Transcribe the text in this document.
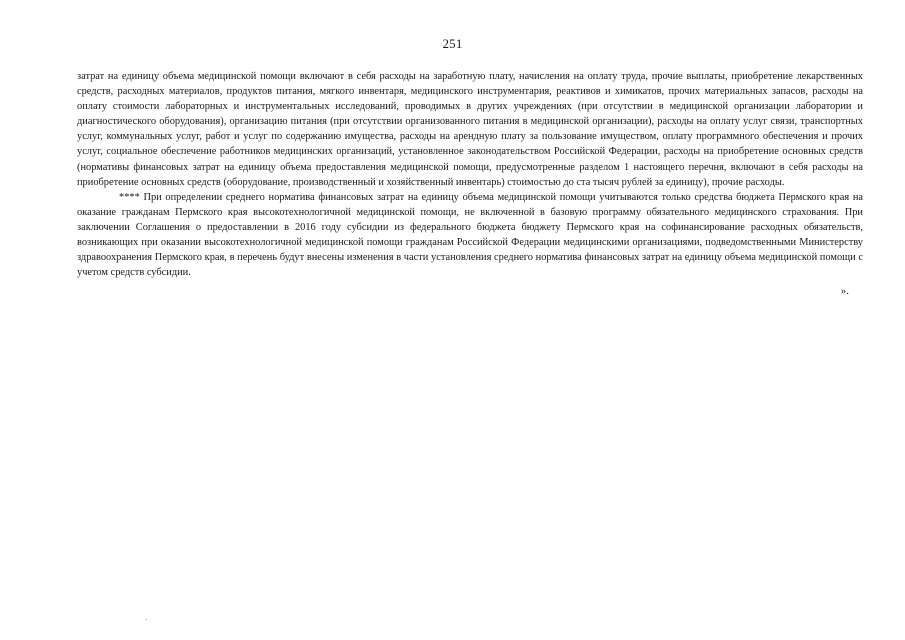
251

затрат на единицу объема медицинской помощи включают в себя расходы на заработную плату, начисления на оплату труда, прочие выплаты, приобретение лекарственных средств, расходных материалов, продуктов питания, мягкого инвентаря, медицинского инструментария, реактивов и химикатов, прочих материальных запасов, расходы на оплату стоимости лабораторных и инструментальных исследований, проводимых в других учреждениях (при отсутствии в медицинской организации лаборатории и диагностического оборудования), организацию питания (при отсутствии организованного питания в медицинской организации), расходы на оплату услуг связи, транспортных услуг, коммунальных услуг, работ и услуг по содержанию имущества, расходы на арендную плату за пользование имуществом, оплату программного обеспечения и прочих услуг, социальное обеспечение работников медицинских организаций, установленное законодательством Российской Федерации, расходы на приобретение основных средств (нормативы финансовых затрат на единицу объема предоставления медицинской помощи, предусмотренные разделом 1 настоящего перечня, включают в себя расходы на приобретение основных средств (оборудование, производственный и хозяйственный инвентарь) стоимостью до ста тысяч рублей за единицу), прочие расходы.

**** При определении среднего норматива финансовых затрат на единицу объема медицинской помощи учитываются только средства бюджета Пермского края на оказание гражданам Пермского края высокотехнологичной медицинской помощи, не включенной в базовую программу обязательного медицинского страхования. При заключении Соглашения о предоставлении в 2016 году субсидии из федерального бюджета бюджету Пермского края на софинансирование расходных обязательств, возникающих при оказании высокотехнологичной медицинской помощи гражданам Российской Федерации медицинскими организациями, подведомственными Министерству здравоохранения Пермского края, в перечень будут внесены изменения в части установления среднего норматива финансовых затрат на единицу объема медицинской помощи с учетом средств субсидии.

».
